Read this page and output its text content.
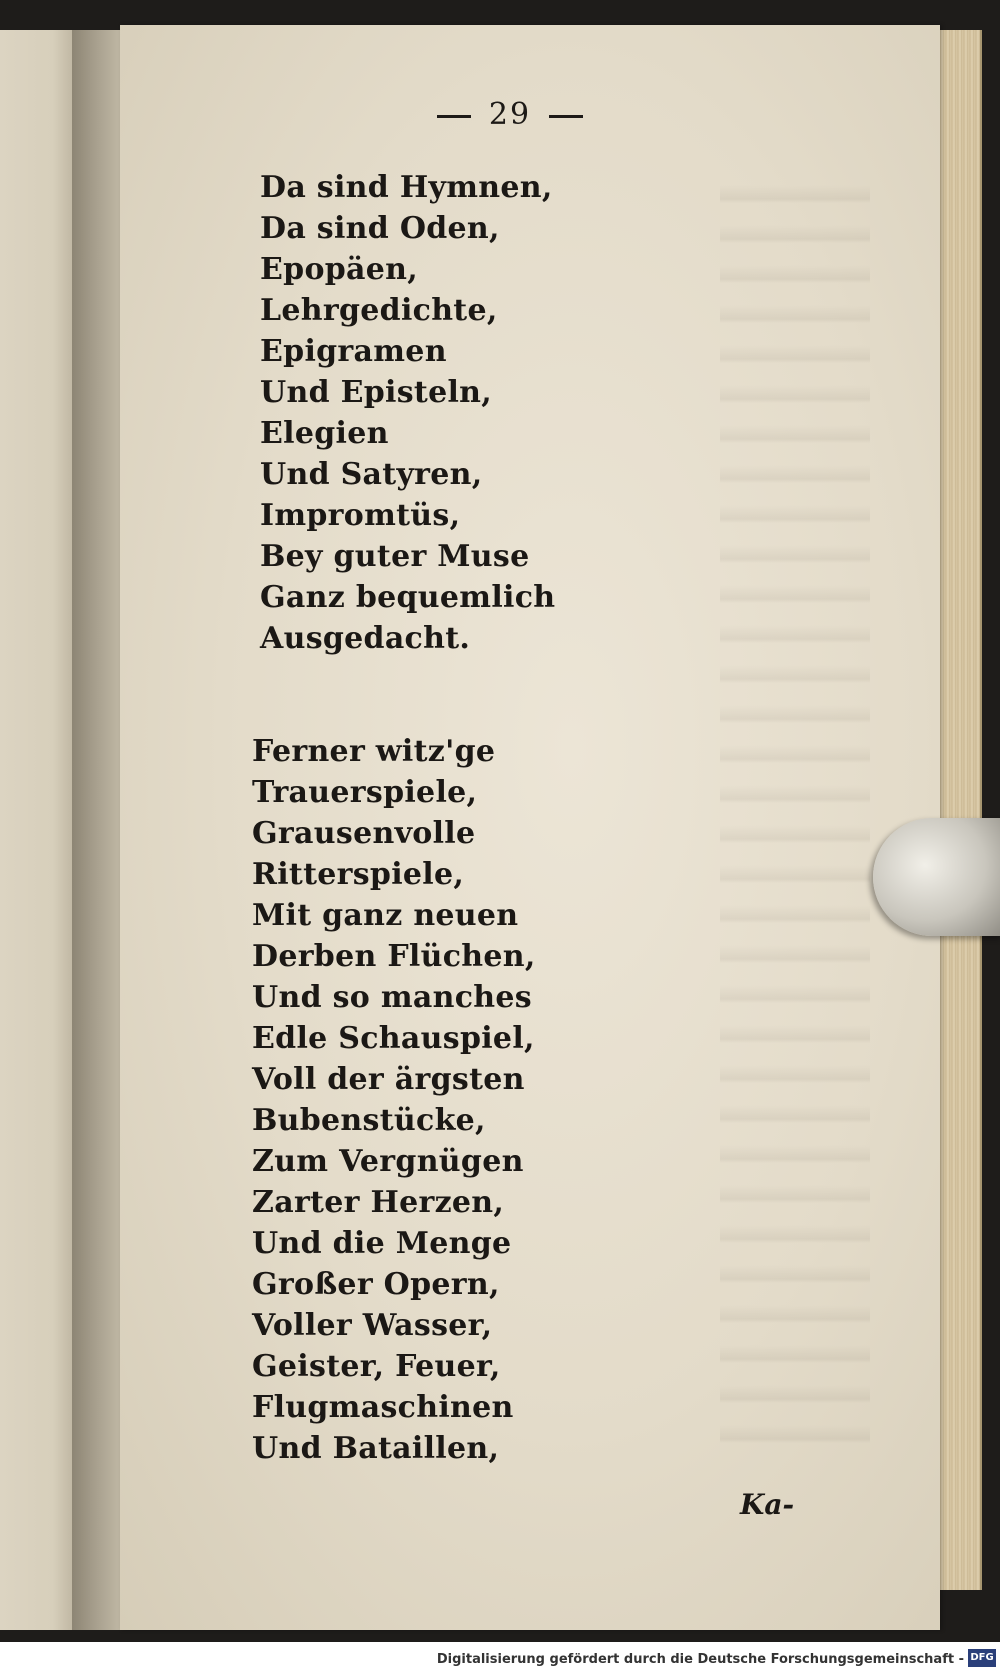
29
Da sind Hymnen,
Da sind Oden,
Epopäen,
Lehrgedichte,
Epigramen
Und Episteln,
Elegien
Und Satyren,
Impromtüs,
Bey guter Muse
Ganz bequemlich
Ausgedacht.
Ferner witz'ge
Trauerspiele,
Grausenvolle
Ritterspiele,
Mit ganz neuen
Derben Flüchen,
Und so manches
Edle Schauspiel,
Voll der ärgsten
Bubenstücke,
Zum Vergnügen
Zarter Herzen,
Und die Menge
Großer Opern,
Voller Wasser,
Geister, Feuer,
Flugmaschinen
Und Bataillen,
Ka-
Digitalisierung gefördert durch die Deutsche Forschungsgemeinschaft - DFG
